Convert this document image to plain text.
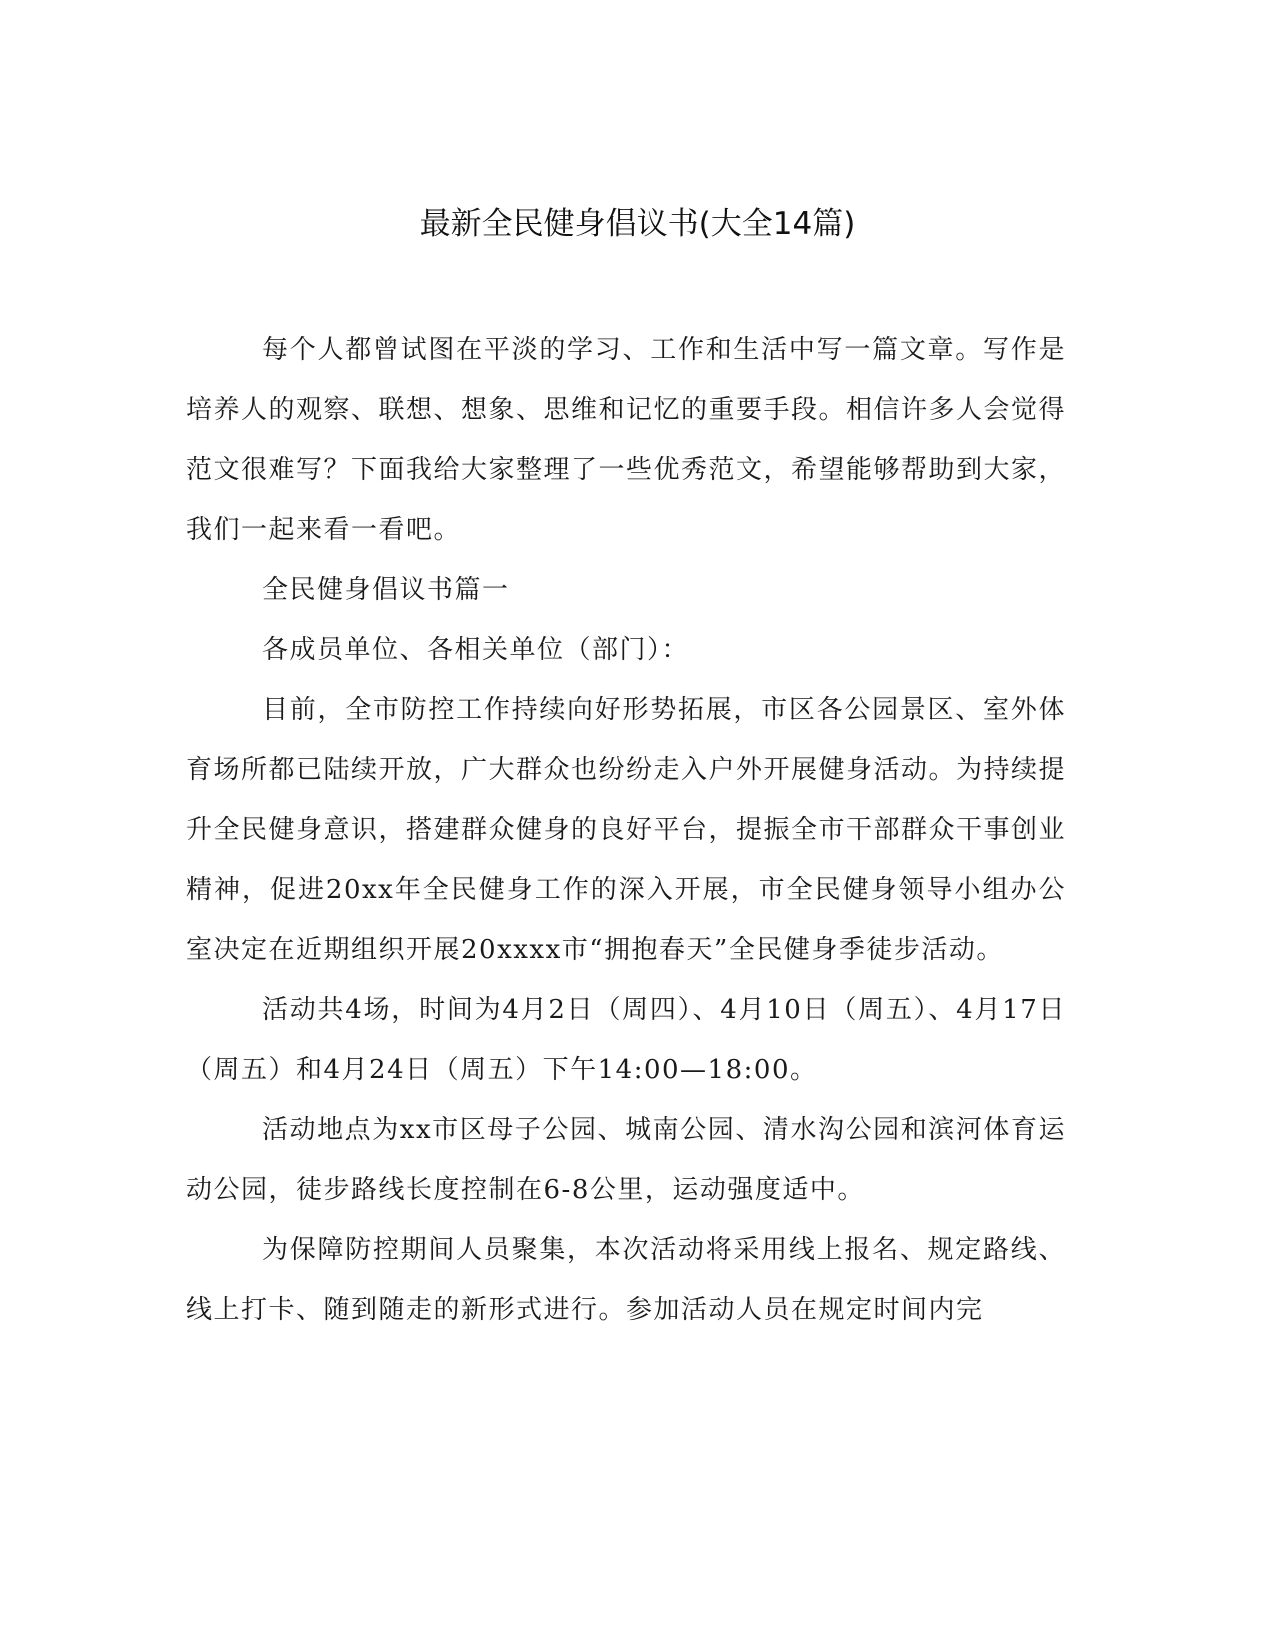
最新全民健身倡议书(大全14篇)

每个人都曾试图在平淡的学习、工作和生活中写一篇文章。写作是培养人的观察、联想、想象、思维和记忆的重要手段。相信许多人会觉得范文很难写？下面我给大家整理了一些优秀范文，希望能够帮助到大家，我们一起来看一看吧。

全民健身倡议书篇一

各成员单位、各相关单位（部门）：

目前，全市防控工作持续向好形势拓展，市区各公园景区、室外体育场所都已陆续开放，广大群众也纷纷走入户外开展健身活动。为持续提升全民健身意识，搭建群众健身的良好平台，提振全市干部群众干事创业精神，促进20xx年全民健身工作的深入开展，市全民健身领导小组办公室决定在近期组织开展20xxxx市“拥抱春天”全民健身季徒步活动。

活动共4场，时间为4月2日（周四）、4月10日（周五）、4月17日（周五）和4月24日（周五）下午14:00—18:00。

活动地点为xx市区母子公园、城南公园、清水沟公园和滨河体育运动公园，徒步路线长度控制在6-8公里，运动强度适中。

为保障防控期间人员聚集，本次活动将采用线上报名、规定路线、线上打卡、随到随走的新形式进行。参加活动人员在规定时间内完
